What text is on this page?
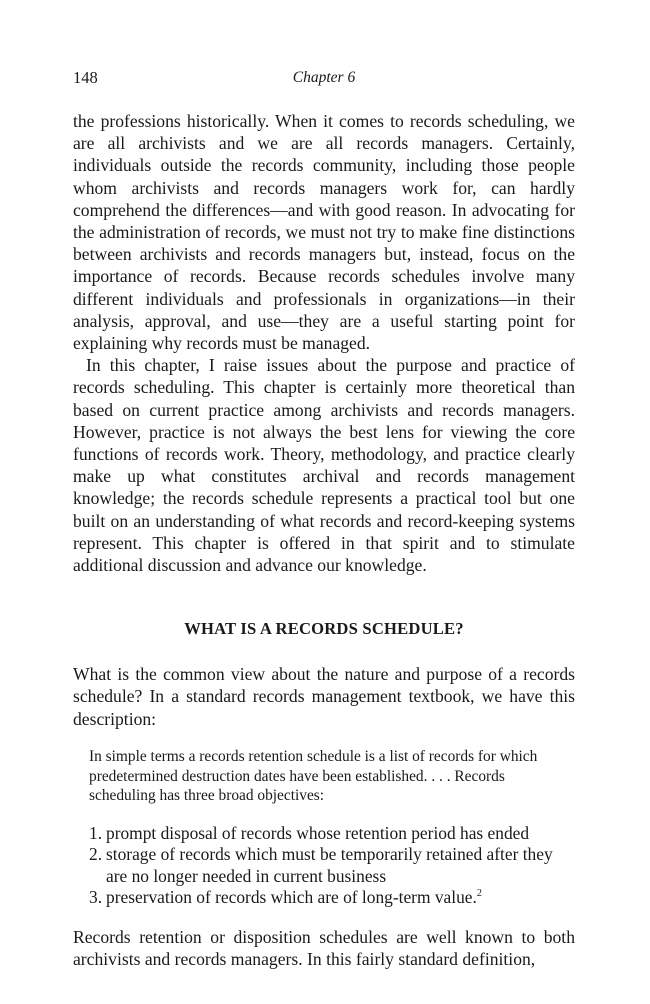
148	Chapter 6

the professions historically. When it comes to records scheduling, we are all archivists and we are all records managers. Certainly, individuals outside the records community, including those people whom archivists and records managers work for, can hardly comprehend the differences—and with good reason. In advocating for the administration of records, we must not try to make fine distinctions between archivists and records managers but, instead, focus on the importance of records. Because records schedules involve many different individuals and professionals in organizations—in their analysis, approval, and use—they are a useful starting point for explaining why records must be managed.

In this chapter, I raise issues about the purpose and practice of records scheduling. This chapter is certainly more theoretical than based on current practice among archivists and records managers. However, practice is not always the best lens for viewing the core functions of records work. Theory, methodology, and practice clearly make up what constitutes archival and records management knowledge; the records schedule represents a practical tool but one built on an understanding of what records and record-keeping systems represent. This chapter is offered in that spirit and to stimulate additional discussion and advance our knowledge.

WHAT IS A RECORDS SCHEDULE?

What is the common view about the nature and purpose of a records schedule? In a standard records management textbook, we have this description:

In simple terms a records retention schedule is a list of records for which predetermined destruction dates have been established. . . . Records scheduling has three broad objectives:

1. prompt disposal of records whose retention period has ended
2. storage of records which must be temporarily retained after they are no longer needed in current business
3. preservation of records which are of long-term value.$^2$

Records retention or disposition schedules are well known to both archivists and records managers. In this fairly standard definition,
